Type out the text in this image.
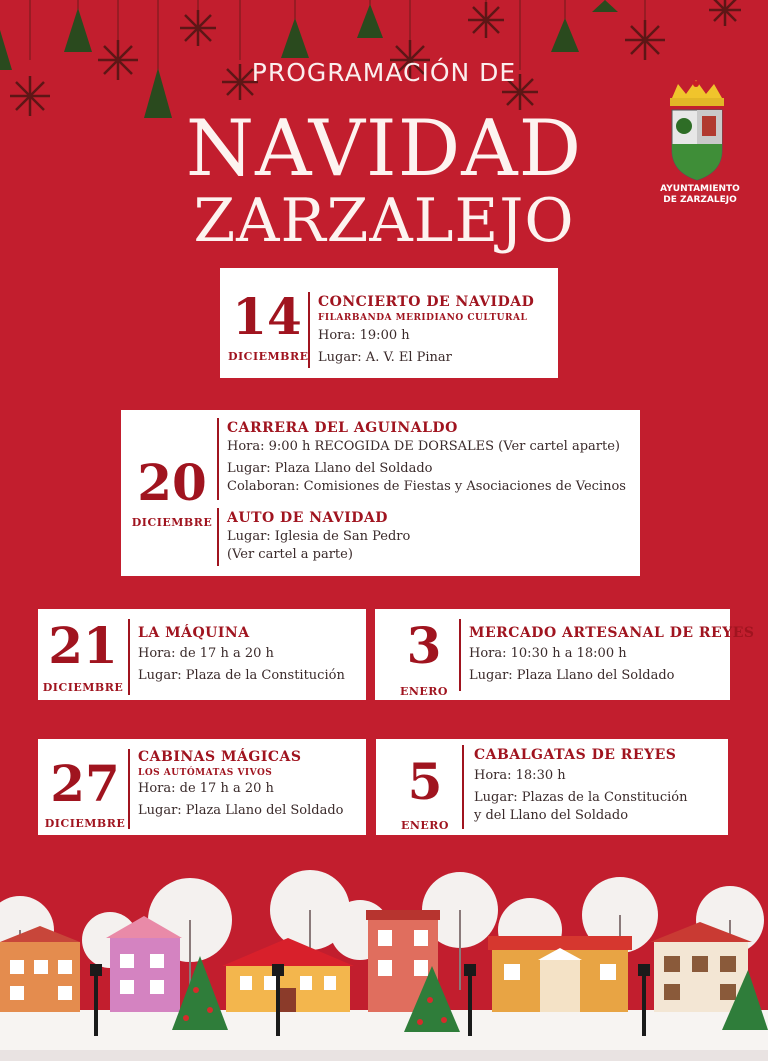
PROGRAMACIÓN DE
NAVIDAD
ZARZALEJO	AYUNTAMIENTO
DE ZARZALEJO
14
DICIEMBRE
CONCIERTO DE NAVIDAD
FILARBANDA MERIDIANO CULTURAL
Hora: 19:00 h
Lugar: A. V. El Pinar
20
DICIEMBRE
CARRERA DEL AGUINALDO
Hora: 9:00 h RECOGIDA DE DORSALES (Ver cartel aparte)
Lugar: Plaza Llano del Soldado
Colaboran: Comisiones de Fiestas y Asociaciones de Vecinos
AUTO DE NAVIDAD
Lugar: Iglesia de San Pedro
(Ver cartel a parte)
21
DICIEMBRE
LA MÁQUINA
Hora: de 17 h a 20 h
Lugar: Plaza de la Constitución
3
ENERO
MERCADO ARTESANAL DE REYES
Hora: 10:30 h a 18:00 h
Lugar: Plaza Llano del Soldado
27
DICIEMBRE
CABINAS MÁGICAS
LOS AUTÓMATAS VIVOS
Hora: de 17 h a 20 h
Lugar: Plaza Llano del Soldado	5
ENERO
CABALGATAS DE REYES
Hora: 18:30 h
Lugar: Plazas de la Constitución
y del Llano del Soldado
